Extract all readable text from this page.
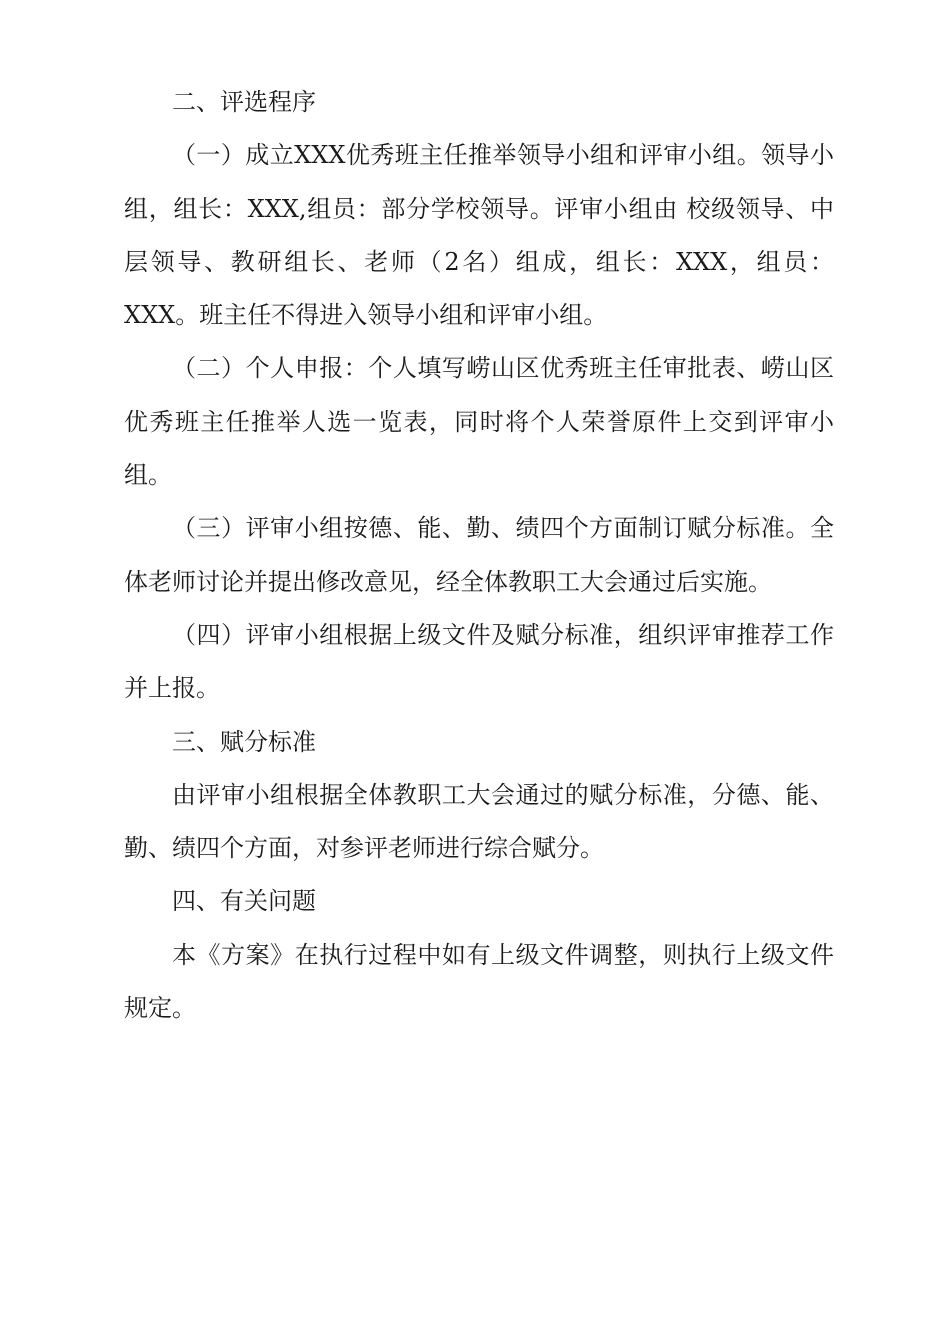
二、评选程序

（一）成立XXX优秀班主任推举领导小组和评审小组。领导小组，组长：XXX,组员：部分学校领导。评审小组由 校级领导、中层领导、教研组长、老师（2名）组成，组长：XXX，组员：XXX。班主任不得进入领导小组和评审小组。

（二）个人申报：个人填写崂山区优秀班主任审批表、崂山区优秀班主任推举人选一览表，同时将个人荣誉原件上交到评审小组。

（三）评审小组按德、能、勤、绩四个方面制订赋分标准。全体老师讨论并提出修改意见，经全体教职工大会通过后实施。

（四）评审小组根据上级文件及赋分标准，组织评审推荐工作并上报。

三、赋分标准

由评审小组根据全体教职工大会通过的赋分标准，分德、能、勤、绩四个方面，对参评老师进行综合赋分。

四、有关问题

本《方案》在执行过程中如有上级文件调整，则执行上级文件规定。
